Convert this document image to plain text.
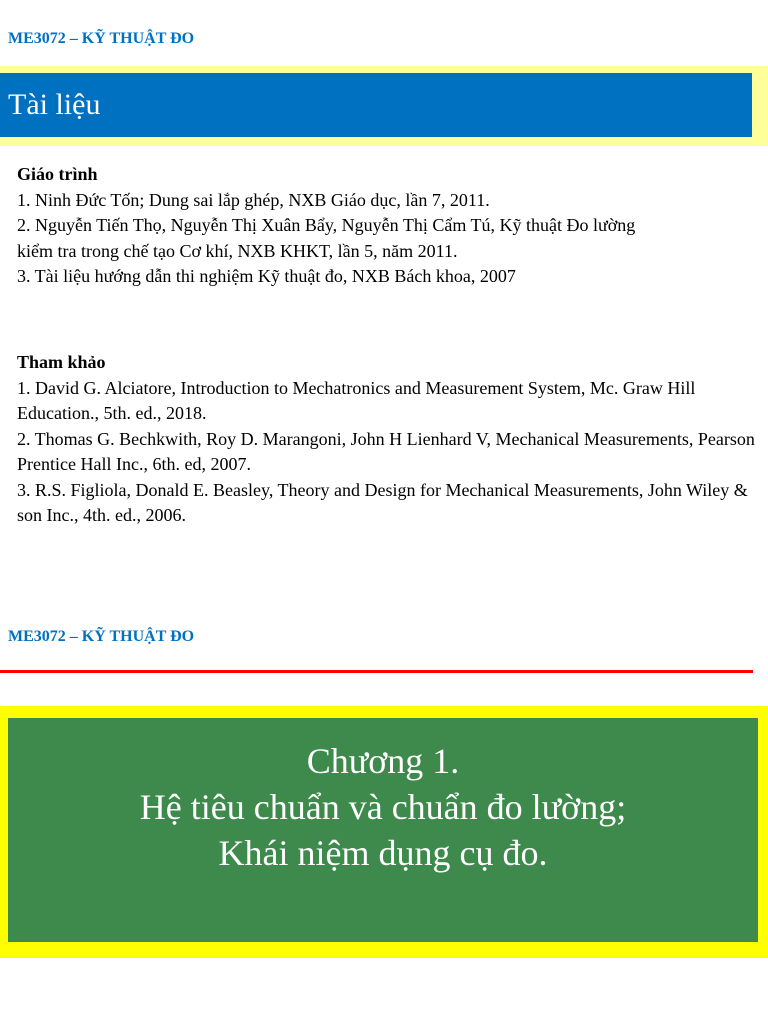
ME3072 – KỸ THUẬT ĐO
Tài liệu
Giáo trình

1. Ninh Đức Tốn; Dung sai lắp ghép, NXB Giáo dục, lần 7, 2011.

2. Nguyễn Tiến Thọ, Nguyễn Thị Xuân Bẩy, Nguyễn Thị Cẩm Tú, Kỹ thuật Đo lường

kiểm tra trong chế tạo Cơ khí, NXB KHKT, lần 5, năm 2011.

3. Tài liệu hướng dẫn thi nghiệm Kỹ thuật đo, NXB Bách khoa, 2007

Tham khảo

1. David G. Alciatore, Introduction to Mechatronics and Measurement System, Mc. Graw Hill Education., 5th. ed., 2018.

2. Thomas G. Bechkwith, Roy D. Marangoni, John H Lienhard V, Mechanical Measurements, Pearson Prentice Hall Inc., 6th. ed, 2007.

3. R.S. Figliola, Donald E. Beasley, Theory and Design for Mechanical Measurements, John Wiley & son Inc., 4th. ed., 2006.

ME3072 – KỸ THUẬT ĐO
Chương 1.
Hệ tiêu chuẩn và chuẩn đo lường;
Khái niệm dụng cụ đo.
